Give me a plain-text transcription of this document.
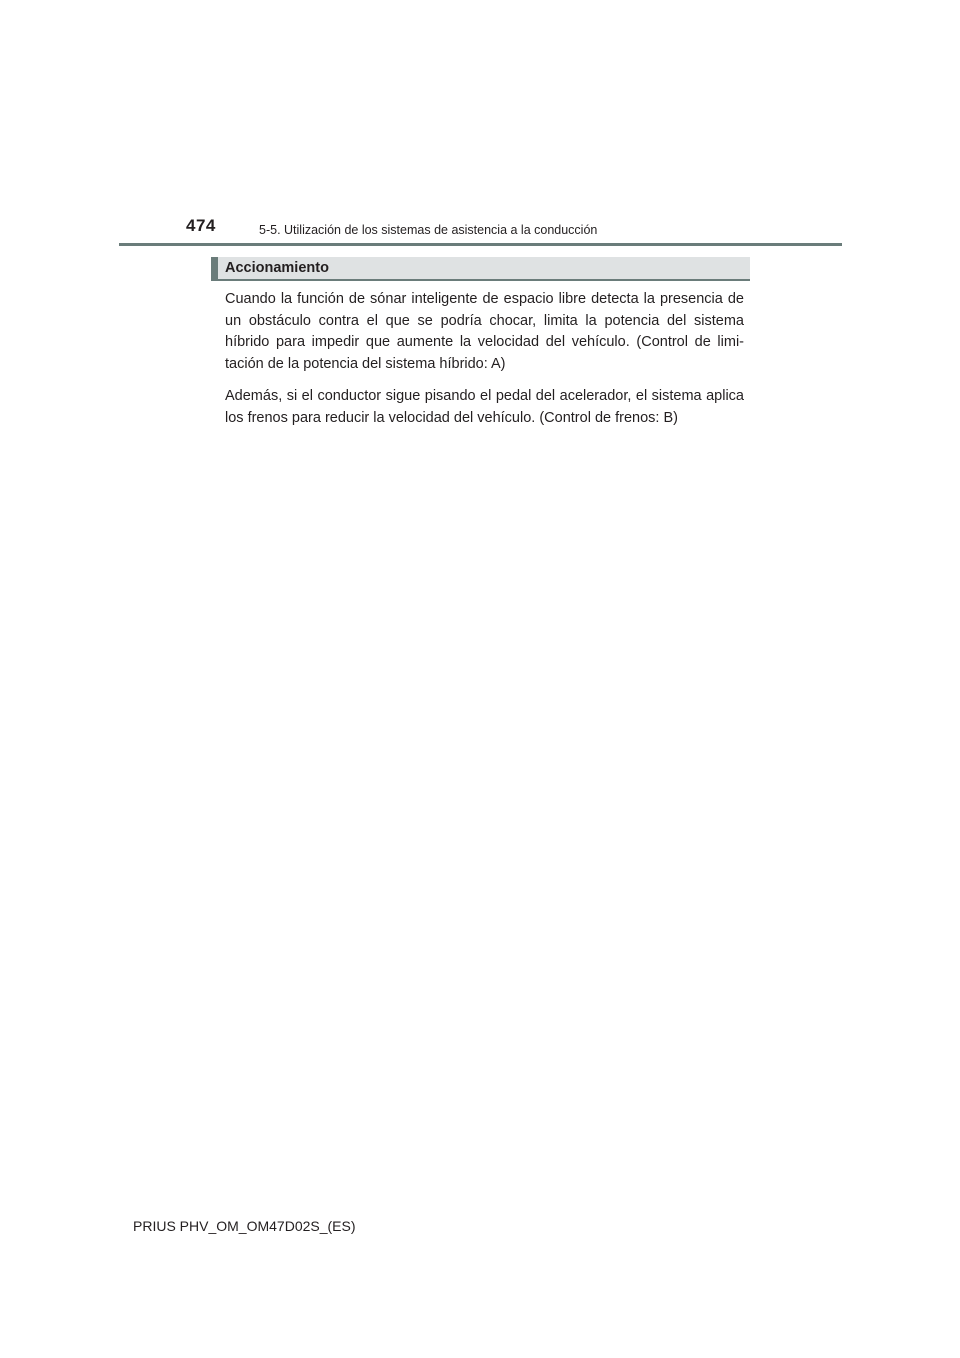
474	5-5. Utilización de los sistemas de asistencia a la conducción
Accionamiento

Cuando la función de sónar inteligente de espacio libre detecta la presencia de un obstáculo contra el que se podría chocar, limita la potencia del sistema híbrido para impedir que aumente la velocidad del vehículo. (Control de limi-tación de la potencia del sistema híbrido: A)

Además, si el conductor sigue pisando el pedal del acelerador, el sistema aplica los frenos para reducir la velocidad del vehículo. (Control de frenos: B)

PRIUS PHV_OM_OM47D02S_(ES)
